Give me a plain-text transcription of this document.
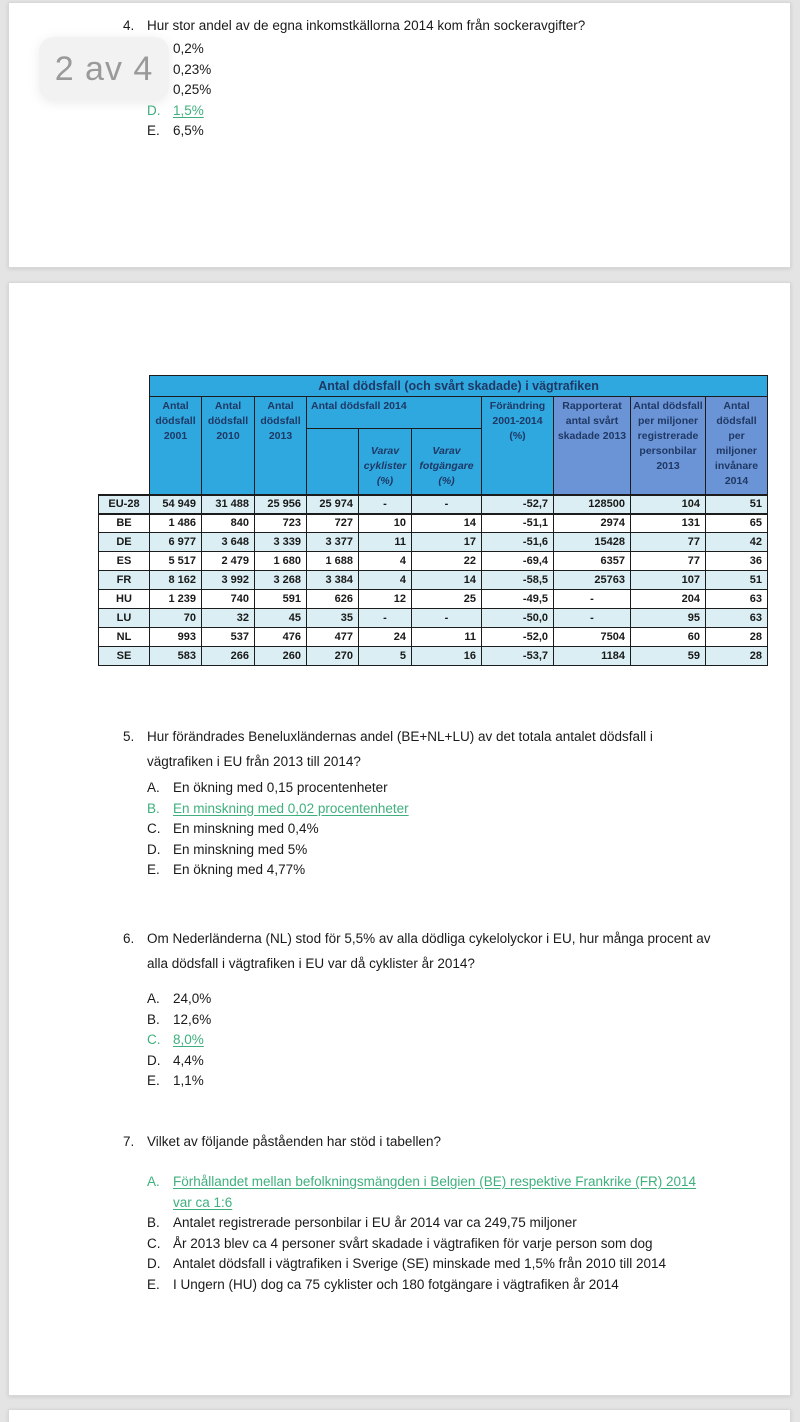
2 av 4
4. Hur stor andel av de egna inkomstkällorna 2014 kom från sockeravgifter?
0,2%
0,23%
0,25%
D. 1,5%
E. 6,5%
	Antal dödsfall (och svårt skadade) i vägtrafiken									
	Antal dödsfall 2001	Antal dödsfall 2010	Antal dödsfall 2013	Antal dödsfall 2014			Förändring 2001-2014 (%)	Rapporterat antal svårt skadade 2013	Antal dödsfall per miljoner registrerade personbilar 2013	Antal dödsfall per miljoner invånare 2014
					Varav cyklister (%)	Varav fotgängare (%)				
EU-28	54 949	31 488	25 956	25 974	-	-	-52,7	128500	104	51
BE	1 486	840	723	727	10	14	-51,1	2974	131	65
DE	6 977	3 648	3 339	3 377	11	17	-51,6	15428	77	42
ES	5 517	2 479	1 680	1 688	4	22	-69,4	6357	77	36
FR	8 162	3 992	3 268	3 384	4	14	-58,5	25763	107	51
HU	1 239	740	591	626	12	25	-49,5	-	204	63
LU	70	32	45	35	-	-	-50,0	-	95	63
NL	993	537	476	477	24	11	-52,0	7504	60	28
SE	583	266	260	270	5	16	-53,7	1184	59	28
5. Hur förändrades Beneluxländernas andel (BE+NL+LU) av det totala antalet dödsfall i
vägtrafiken i EU från 2013 till 2014?
A. En ökning med 0,15 procentenheter
B. En minskning med 0,02 procentenheter
C. En minskning med 0,4%
D. En minskning med 5%
E. En ökning med 4,77%
6. Om Nederländerna (NL) stod för 5,5% av alla dödliga cykelolyckor i EU, hur många procent av
alla dödsfall i vägtrafiken i EU var då cyklister år 2014?
A. 24,0%
B. 12,6%
C. 8,0%
D. 4,4%
E. 1,1%
7. Vilket av följande påståenden har stöd i tabellen?
A. Förhållandet mellan befolkningsmängden i Belgien (BE) respektive Frankrike (FR) 2014
var ca 1:6
B. Antalet registrerade personbilar i EU år 2014 var ca 249,75 miljoner
C. År 2013 blev ca 4 personer svårt skadade i vägtrafiken för varje person som dog
D. Antalet dödsfall i vägtrafiken i Sverige (SE) minskade med 1,5% från 2010 till 2014
E. I Ungern (HU) dog ca 75 cyklister och 180 fotgängare i vägtrafiken år 2014
